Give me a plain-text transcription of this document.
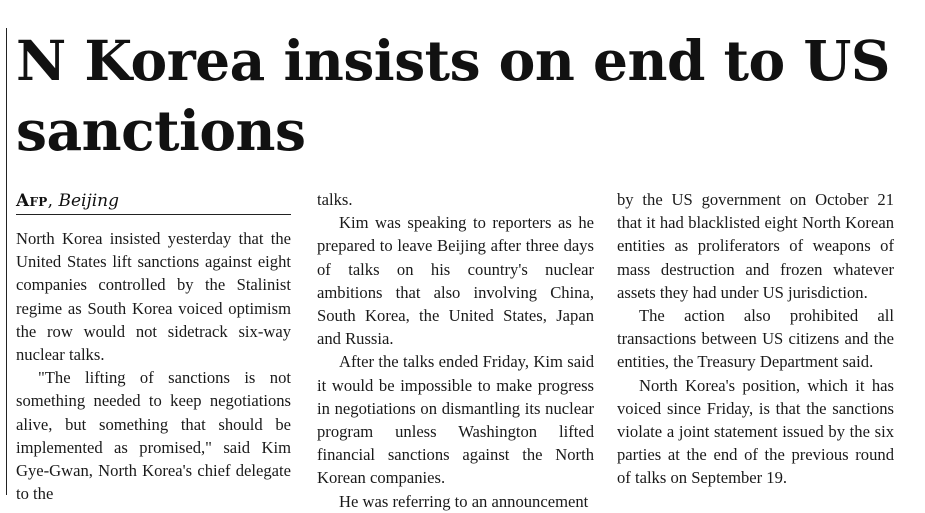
N Korea insists on end to US sanctions
Afp, Beijing

North Korea insisted yesterday that the United States lift sanctions against eight companies controlled by the Stalinist regime as South Korea voiced optimism the row would not sidetrack six-way nuclear talks.

"The lifting of sanctions is not something needed to keep negotiations alive, but something that should be implemented as promised," said Kim Gye-Gwan, North Korea's chief delegate to the

talks.

Kim was speaking to reporters as he prepared to leave Beijing after three days of talks on his country's nuclear ambitions that also involving China, South Korea, the United States, Japan and Russia.

After the talks ended Friday, Kim said it would be impossible to make progress in negotiations on dismantling its nuclear program unless Washington lifted financial sanctions against the North Korean companies.

He was referring to an announcement

by the US government on October 21 that it had blacklisted eight North Korean entities as proliferators of weapons of mass destruction and frozen whatever assets they had under US jurisdiction.

The action also prohibited all transactions between US citizens and the entities, the Treasury Department said.

North Korea's position, which it has voiced since Friday, is that the sanctions violate a joint statement issued by the six parties at the end of the previous round of talks on September 19.
